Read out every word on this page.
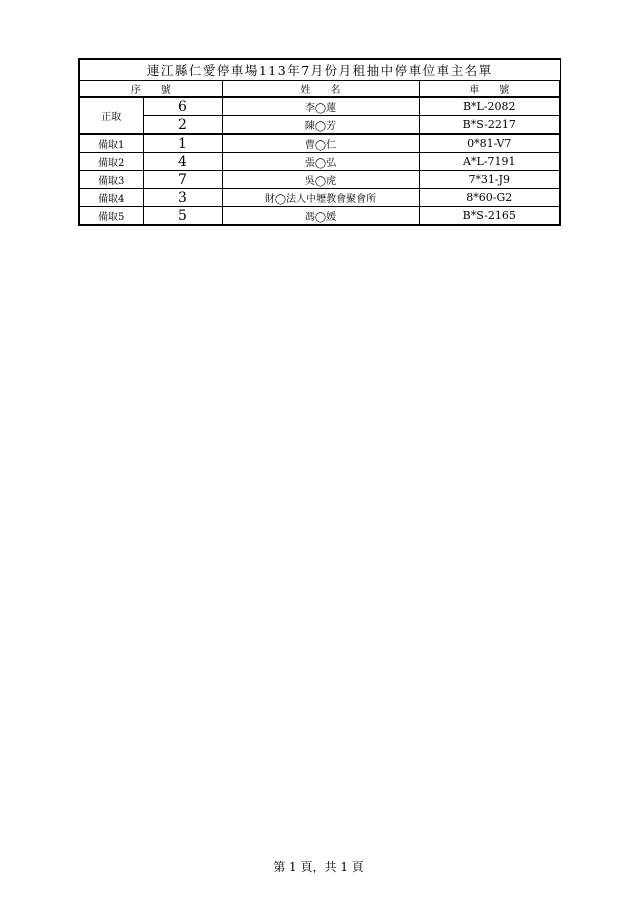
連江縣仁愛停車場113年7月份月租抽中停車位車主名單			
序　　號		姓　　名	車　　號
正取	6	李◯蓮	B*L-2082
	2	陳◯芳	B*S-2217
備取1	1	曹◯仁	0*81-V7
備取2	4	張◯弘	A*L-7191
備取3	7	吳◯虎	7*31-J9
備取4	3	財◯法人中壢教會聚會所	8*60-G2
備取5	5	馮◯媛	B*S-2165
第 1 頁，共 1 頁
